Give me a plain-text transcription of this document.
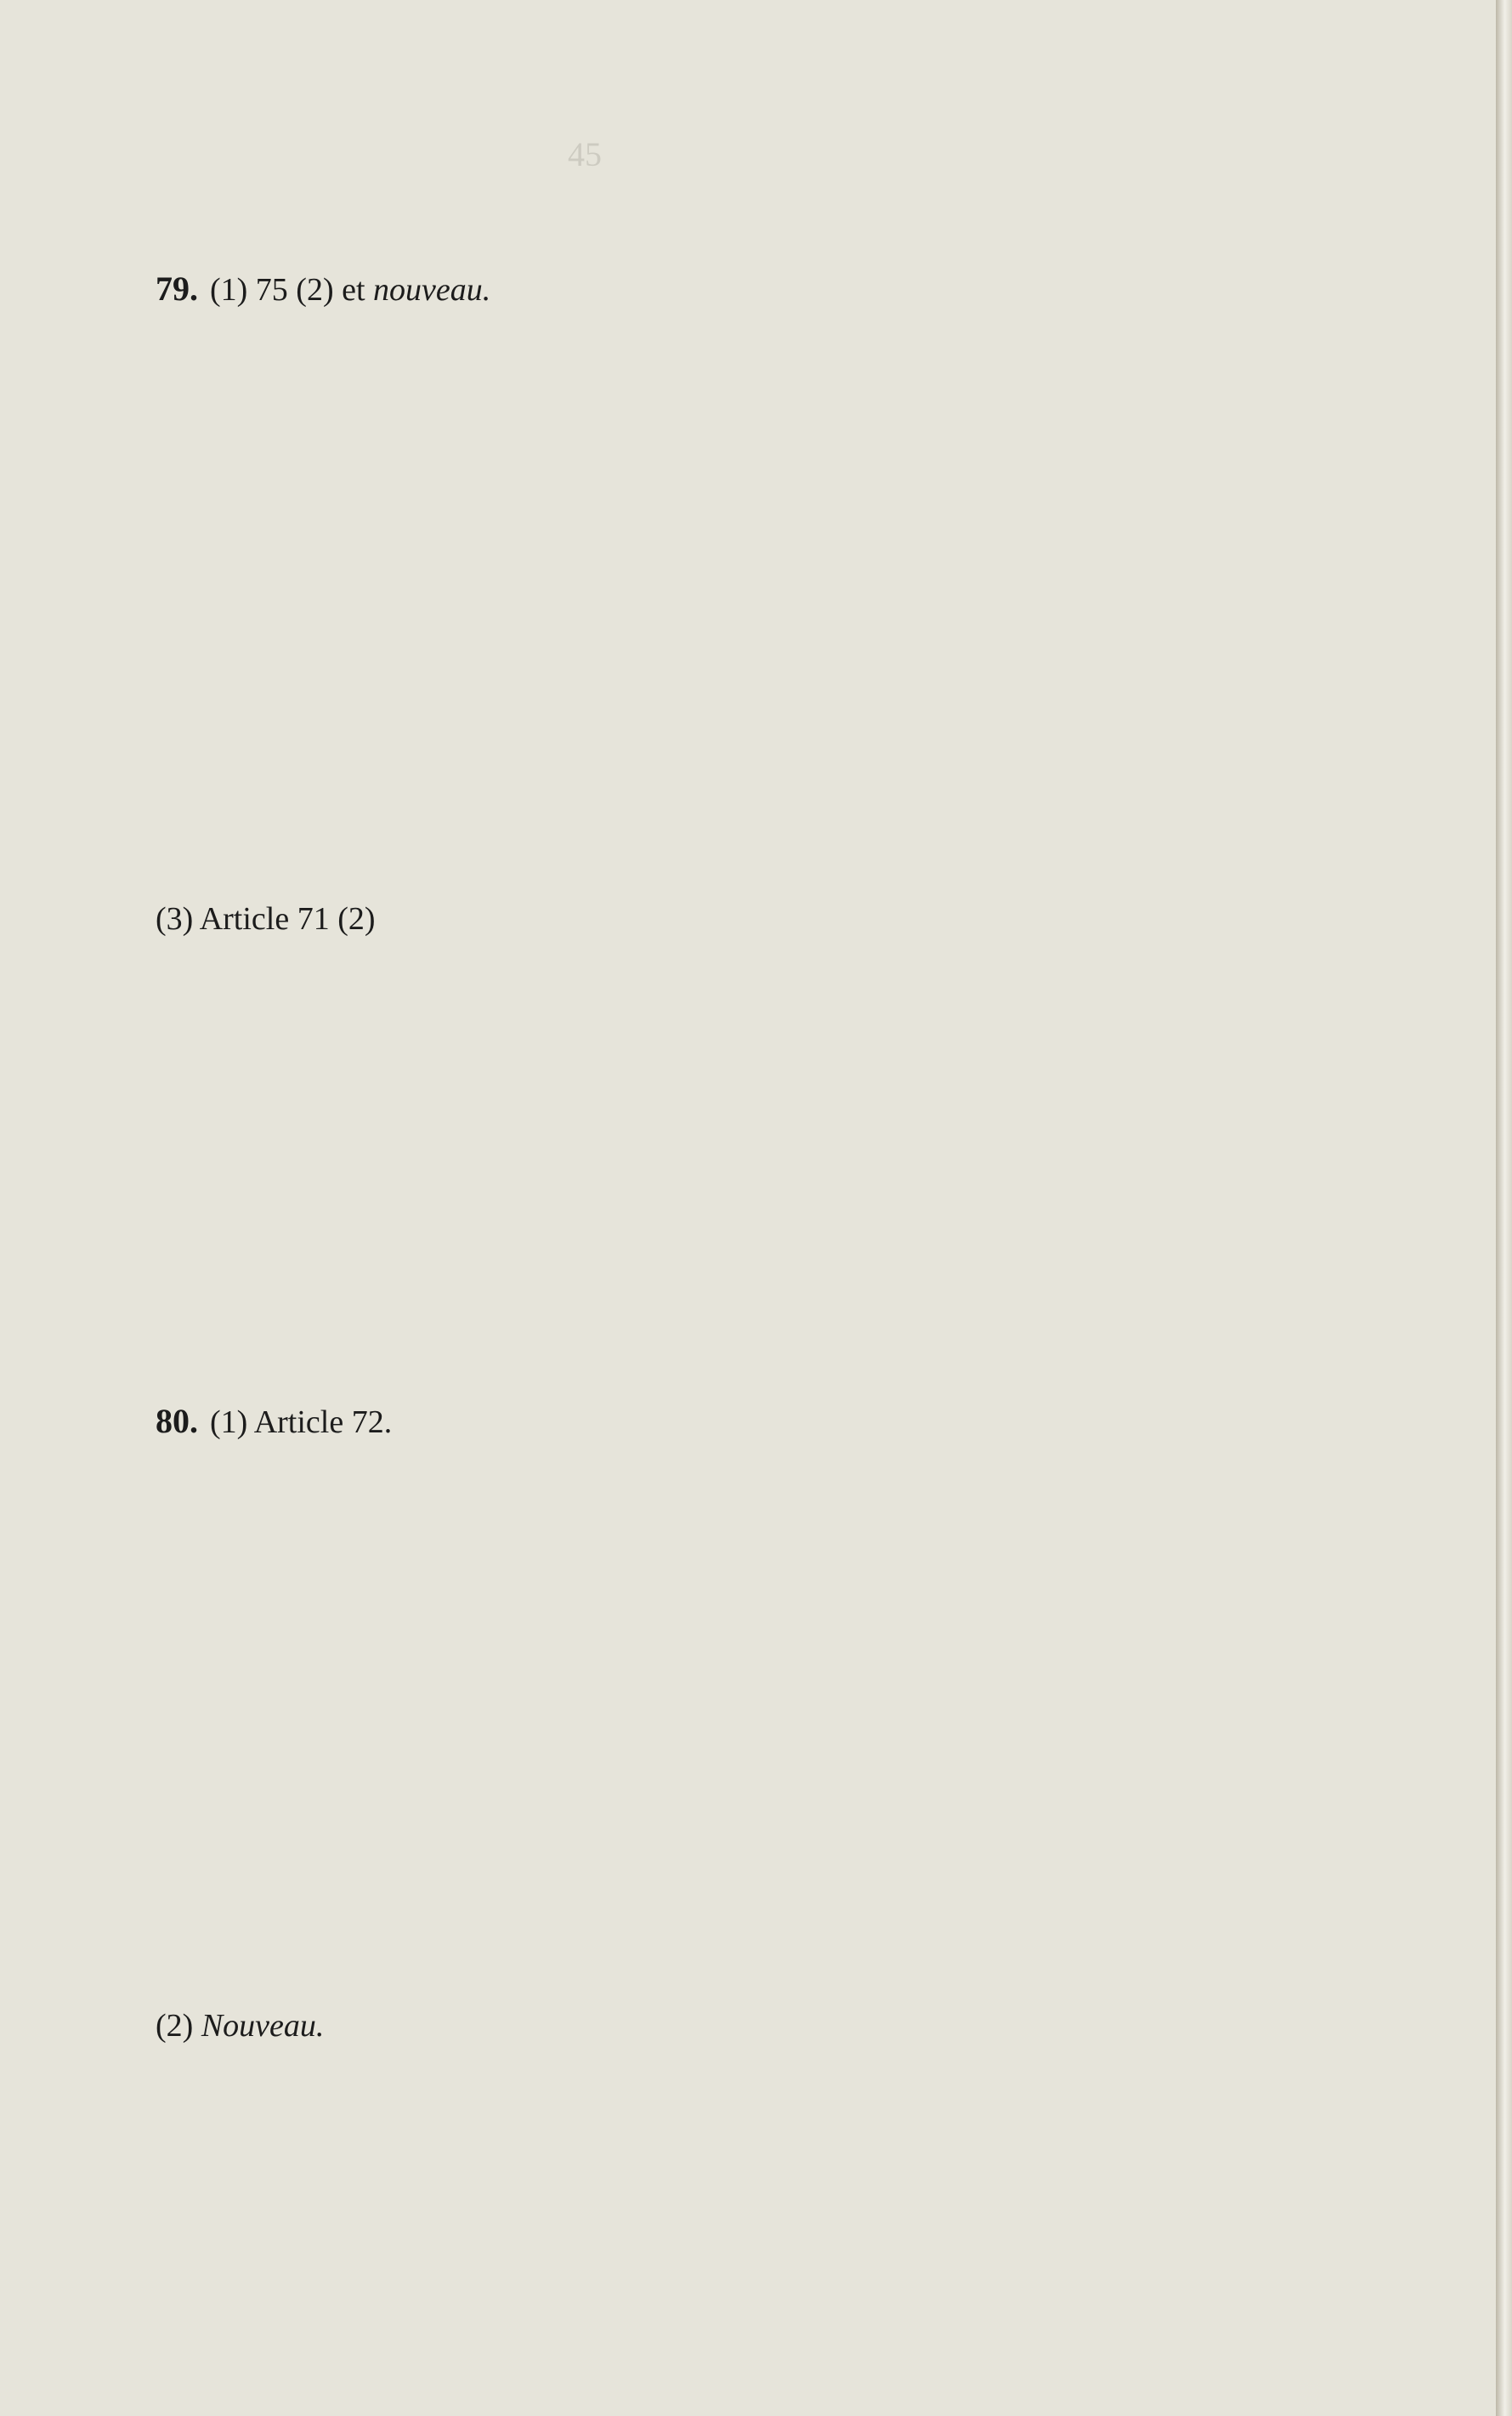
45
79. (1) 75 (2) et nouveau.
(3) Article 71 (2)
80. (1) Article 72.
(2) Nouveau.
